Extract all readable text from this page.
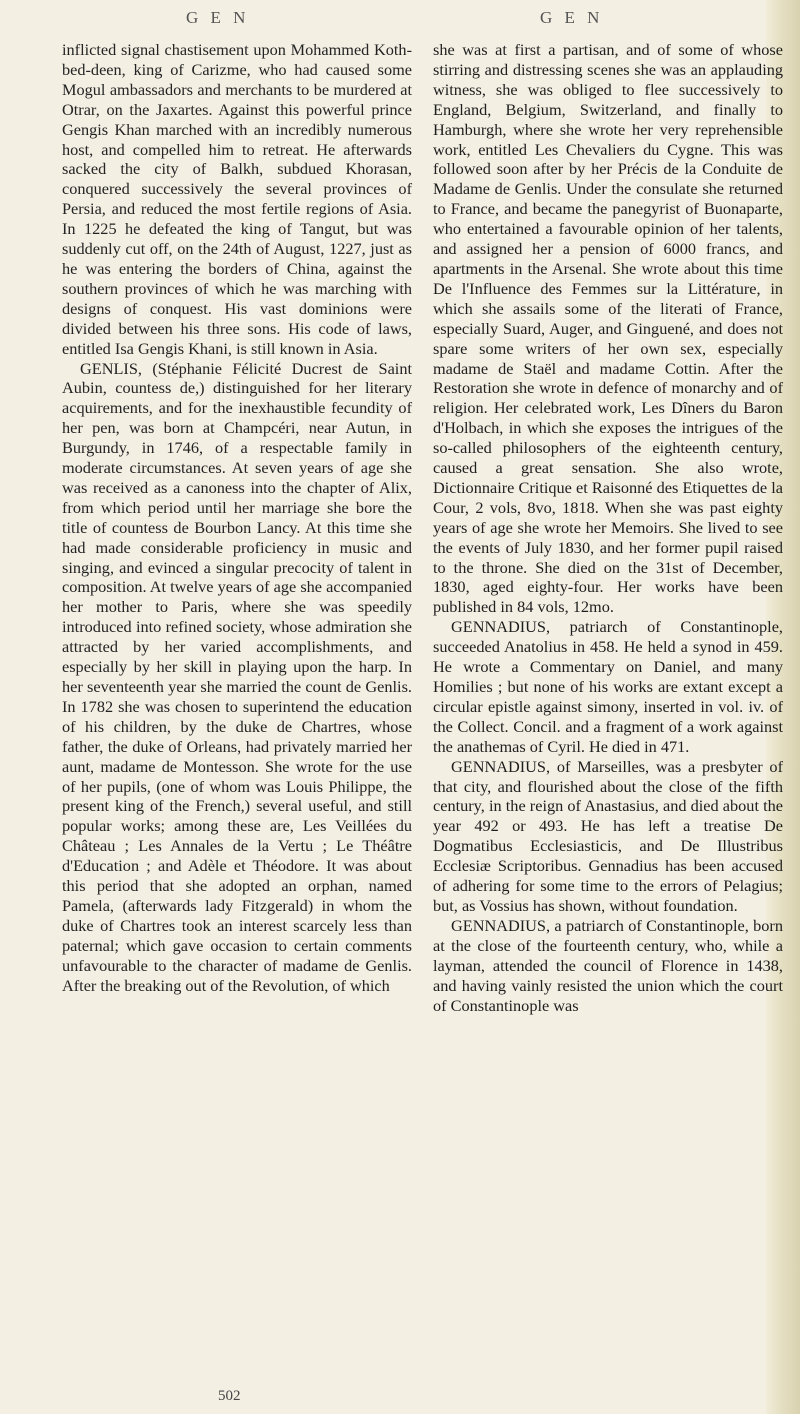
G E N	G E N

inflicted signal chastisement upon Mohammed Koth-bed-deen, king of Carizme, who had caused some Mogul ambassadors and merchants to be murdered at Otrar, on the Jaxartes. Against this powerful prince Gengis Khan marched with an incredibly numerous host, and compelled him to retreat. He afterwards sacked the city of Balkh, subdued Khorasan, conquered successively the several provinces of Persia, and reduced the most fertile regions of Asia. In 1225 he defeated the king of Tangut, but was suddenly cut off, on the 24th of August, 1227, just as he was entering the borders of China, against the southern provinces of which he was marching with designs of conquest. His vast dominions were divided between his three sons. His code of laws, entitled Isa Gengis Khani, is still known in Asia.

GENLIS, (Stéphanie Félicité Ducrest de Saint Aubin, countess de,) distinguished for her literary acquirements, and for the inexhaustible fecundity of her pen, was born at Champcéri, near Autun, in Burgundy, in 1746, of a respectable family in moderate circumstances. At seven years of age she was received as a canoness into the chapter of Alix, from which period until her marriage she bore the title of countess de Bourbon Lancy. At this time she had made considerable proficiency in music and singing, and evinced a singular precocity of talent in composition. At twelve years of age she accompanied her mother to Paris, where she was speedily introduced into refined society, whose admiration she attracted by her varied accomplishments, and especially by her skill in playing upon the harp. In her seventeenth year she married the count de Genlis. In 1782 she was chosen to superintend the education of his children, by the duke de Chartres, whose father, the duke of Orleans, had privately married her aunt, madame de Montesson. She wrote for the use of her pupils, (one of whom was Louis Philippe, the present king of the French,) several useful, and still popular works; among these are, Les Veillées du Château ; Les Annales de la Vertu ; Le Théâtre d'Education ; and Adèle et Théodore. It was about this period that she adopted an orphan, named Pamela, (afterwards lady Fitzgerald) in whom the duke of Chartres took an interest scarcely less than paternal; which gave occasion to certain comments unfavourable to the character of madame de Genlis. After the breaking out of the Revolution, of which

she was at first a partisan, and of some of whose stirring and distressing scenes she was an applauding witness, she was obliged to flee successively to England, Belgium, Switzerland, and finally to Hamburgh, where she wrote her very reprehensible work, entitled Les Chevaliers du Cygne. This was followed soon after by her Précis de la Conduite de Madame de Genlis. Under the consulate she returned to France, and became the panegyrist of Buonaparte, who entertained a favourable opinion of her talents, and assigned her a pension of 6000 francs, and apartments in the Arsenal. She wrote about this time De l'Influence des Femmes sur la Littérature, in which she assails some of the literati of France, especially Suard, Auger, and Ginguené, and does not spare some writers of her own sex, especially madame de Staël and madame Cottin. After the Restoration she wrote in defence of monarchy and of religion. Her celebrated work, Les Dîners du Baron d'Holbach, in which she exposes the intrigues of the so-called philosophers of the eighteenth century, caused a great sensation. She also wrote, Dictionnaire Critique et Raisonné des Etiquettes de la Cour, 2 vols, 8vo, 1818. When she was past eighty years of age she wrote her Memoirs. She lived to see the events of July 1830, and her former pupil raised to the throne. She died on the 31st of December, 1830, aged eighty-four. Her works have been published in 84 vols, 12mo.

GENNADIUS, patriarch of Constantinople, succeeded Anatolius in 458. He held a synod in 459. He wrote a Commentary on Daniel, and many Homilies ; but none of his works are extant except a circular epistle against simony, inserted in vol. iv. of the Collect. Concil. and a fragment of a work against the anathemas of Cyril. He died in 471.

GENNADIUS, of Marseilles, was a presbyter of that city, and flourished about the close of the fifth century, in the reign of Anastasius, and died about the year 492 or 493. He has left a treatise De Dogmatibus Ecclesiasticis, and De Illustribus Ecclesiæ Scriptoribus. Gennadius has been accused of adhering for some time to the errors of Pelagius; but, as Vossius has shown, without foundation.

GENNADIUS, a patriarch of Constantinople, born at the close of the fourteenth century, who, while a layman, attended the council of Florence in 1438, and having vainly resisted the union which the court of Constantinople was

502
